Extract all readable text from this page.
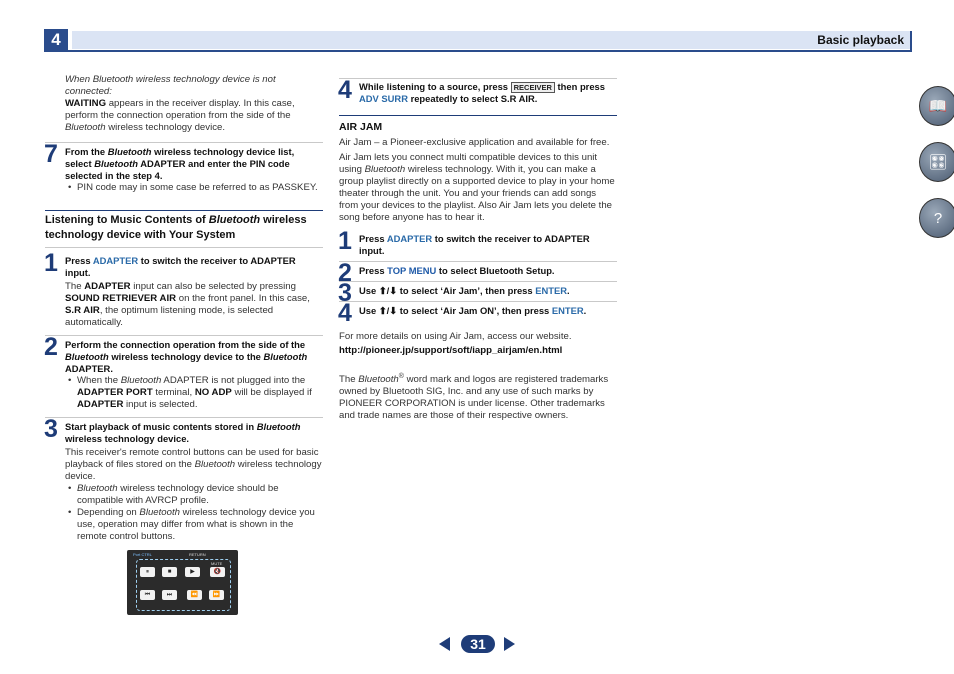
4	Basic playback

When Bluetooth wireless technology device is not connected:

WAITING appears in the receiver display. In this case, perform the connection operation from the side of the Bluetooth wireless technology device.

7 From the Bluetooth wireless technology device list, select Bluetooth ADAPTER and enter the PIN code selected in the step 4.
• PIN code may in some case be referred to as PASSKEY.
Listening to Music Contents of Bluetooth wireless technology device with Your System
1 Press ADAPTER to switch the receiver to ADAPTER input.

The ADAPTER input can also be selected by pressing SOUND RETRIEVER AIR on the front panel. In this case, S.R AIR, the optimum listening mode, is selected automatically.

2 Perform the connection operation from the side of the Bluetooth wireless technology device to the Bluetooth ADAPTER.
• When the Bluetooth ADAPTER is not plugged into the ADAPTER PORT terminal, NO ADP will be displayed if ADAPTER input is selected.
3 Start playback of music contents stored in Bluetooth wireless technology device.

This receiver's remote control buttons can be used for basic playback of files stored on the Bluetooth wireless technology device.

• Bluetooth wireless technology device should be compatible with AVRCP profile.
• Depending on Bluetooth wireless technology device you use, operation may differ from what is shown in the remote control buttons.
Port CTRL	RETURN
MUTE
⏸	■	▶	🔇
⏮	⏭	⏪	⏩
4 While listening to a source, press RECEIVER then press ADV SURR repeatedly to select S.R AIR.
AIR JAM

Air Jam – a Pioneer-exclusive application and available for free.

Air Jam lets you connect multi compatible devices to this unit using Bluetooth wireless technology. With it, you can make a group playlist directly on a supported device to play in your home theater through the unit. You and your friends can add songs from your devices to the playlist. Also Air Jam lets you delete the song before anyone has to hear it.

1 Press ADAPTER to switch the receiver to ADAPTER input.
2 Press TOP MENU to select Bluetooth Setup.
3 Use ⬆/⬇ to select ‘Air Jam’, then press ENTER.
4 Use ⬆/⬇ to select ‘Air Jam ON’, then press ENTER.

For more details on using Air Jam, access our website.

http://pioneer.jp/support/soft/iapp_airjam/en.html

The Bluetooth® word mark and logos are registered trademarks owned by Bluetooth SIG, Inc. and any use of such marks by PIONEER CORPORATION is under license. Other trademarks and trade names are those of their respective owners.

📖
🎛
?
31
